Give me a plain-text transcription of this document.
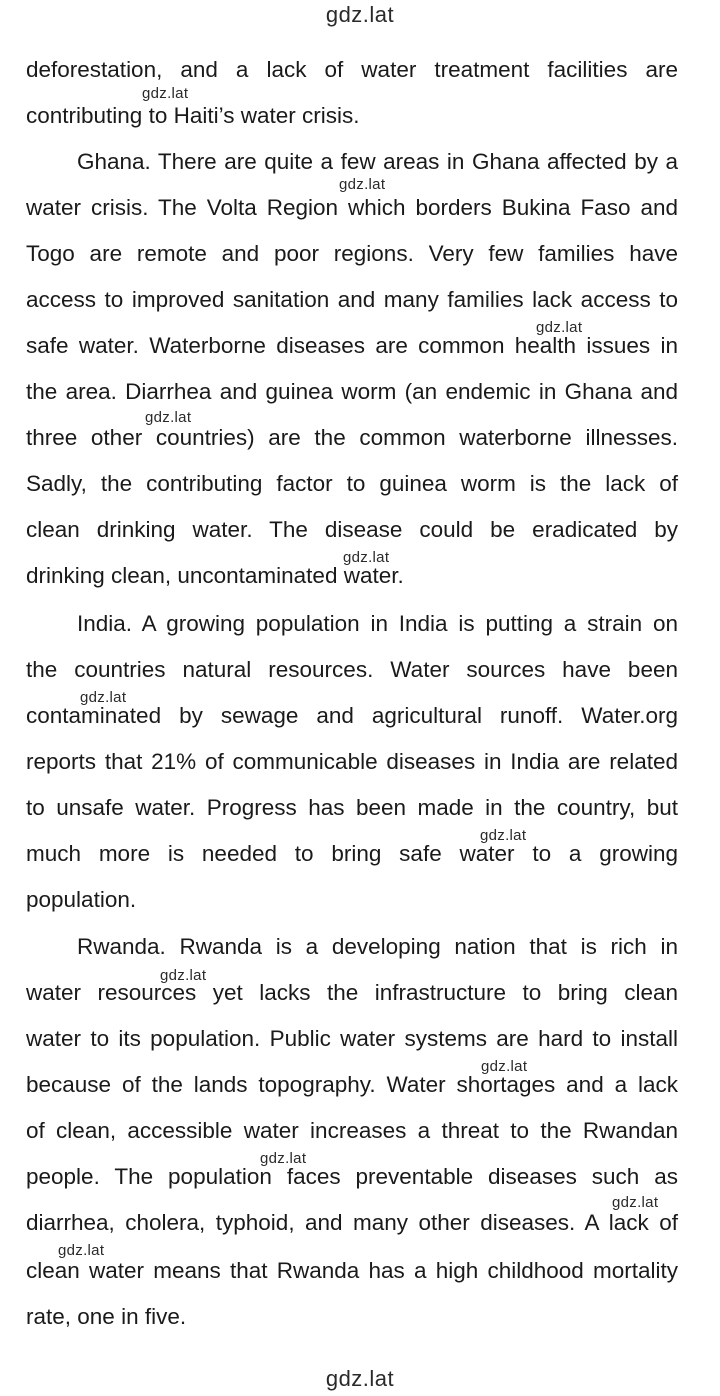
gdz.lat
deforestation, and a lack of water treatment facilities are
contributing to Haiti’s water crisis.
Ghana. There are quite a few areas in Ghana affected by a
water crisis. The Volta Region which borders Bukina Faso and
Togo are remote and poor regions. Very few families have
access to improved sanitation and many families lack access to
safe water. Waterborne diseases are common health issues in
the area. Diarrhea and guinea worm (an endemic in Ghana and
three other countries) are the common waterborne illnesses.
Sadly, the contributing factor to guinea worm is the lack of
clean drinking water. The disease could be eradicated by
drinking clean, uncontaminated water.
India. A growing population in India is putting a strain on
the countries natural resources. Water sources have been
contaminated by sewage and agricultural runoff. Water.org
reports that 21% of communicable diseases in India are related
to unsafe water. Progress has been made in the country, but
much more is needed to bring safe water to a growing
population.
Rwanda. Rwanda is a developing nation that is rich in
water resources yet lacks the infrastructure to bring clean
water to its population. Public water systems are hard to install
because of the lands topography. Water shortages and a lack
of clean, accessible water increases a threat to the Rwandan
people. The population faces preventable diseases such as
diarrhea, cholera, typhoid, and many other diseases. A lack of
clean water means that Rwanda has a high childhood mortality
rate, one in five.
gdz.lat
gdz.lat
gdz.lat
gdz.lat
gdz.lat
gdz.lat
gdz.lat
gdz.lat
gdz.lat
gdz.lat
gdz.lat
gdz.lat
gdz.lat
